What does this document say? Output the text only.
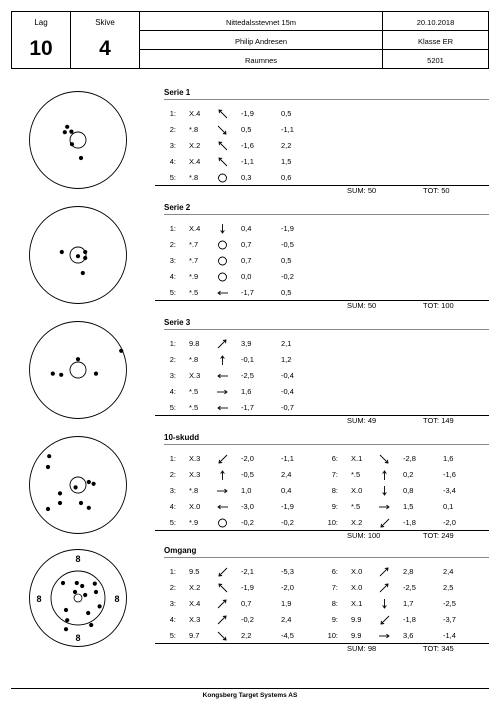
Lag	Skive	Nittedalsstevnet 15m	20.10.2018
10	4	Philip Andresen	Klasse ER
		Raumnes	5201
Serie 1
1: X.4	-1,9	0,5
2: *.8	0,5	-1,1
3: X.2	-1,6	2,2
4: X.4	-1,1	1,5
5: *.8	0,3	0,6
SUM: 50	TOT: 50
Serie 2
1: X.4	0,4	-1,9
2: *.7	0,7	-0,5
3: *.7	0,7	0,5
4: *.9	0,0	-0,2
5: *.5	-1,7	0,5
SUM: 50	TOT: 100
Serie 3
1: 9.8	3,9	2,1
2: *.8	-0,1	1,2
3: X.3	-2,5	-0,4
4: *.5	1,6	-0,4
5: *.5	-1,7	-0,7
SUM: 49	TOT: 149
10-skudd
1: X.3	-2,0	-1,1
2: X.3	-0,5	2,4
3: *.8	1,0	0,4
4: X.0	-3,0	-1,9
5: *.9	-0,2	-0,2
6: X.1	-2,8	1,6
7: *.5	0,2	-1,6
8: X.0	0,8	-3,4
9: *.5	1,5	0,1
10: X.2	-1,8	-2,0
SUM: 100	TOT: 249
8
8	8
8
Omgang
1: 9.5	-2,1	-5,3
2: X.2	-1,9	-2,0
3: X.4	0,7	1,9
4: X.3	-0,2	2,4
5: 9.7	2,2	-4,5
6: X.0	2,8	2,4
7: X.0	-2,5	2,5
8: X.1	1,7	-2,5
9: 9.9	-1,8	-3,7
10: 9.9	3,6	-1,4
SUM: 98	TOT: 345
Kongsberg Target Systems AS
